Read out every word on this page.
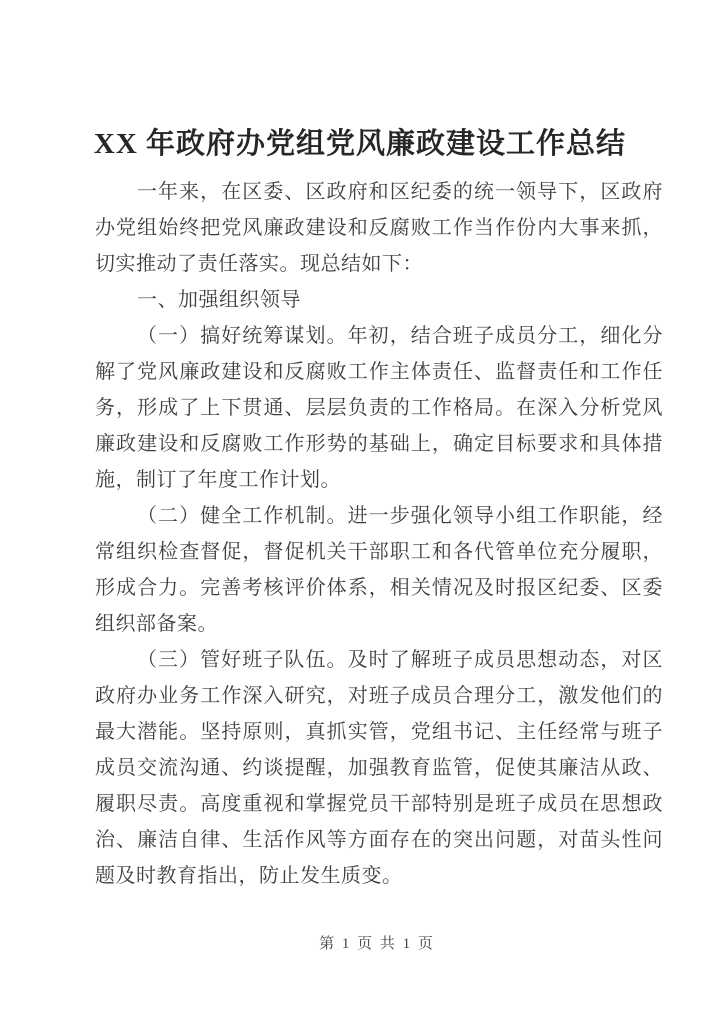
XX 年政府办党组党风廉政建设工作总结

一年来，在区委、区政府和区纪委的统一领导下，区政府办党组始终把党风廉政建设和反腐败工作当作份内大事来抓，切实推动了责任落实。现总结如下：

一、加强组织领导

（一）搞好统筹谋划。年初，结合班子成员分工，细化分解了党风廉政建设和反腐败工作主体责任、监督责任和工作任务，形成了上下贯通、层层负责的工作格局。在深入分析党风廉政建设和反腐败工作形势的基础上，确定目标要求和具体措施，制订了年度工作计划。

（二）健全工作机制。进一步强化领导小组工作职能，经常组织检查督促，督促机关干部职工和各代管单位充分履职，形成合力。完善考核评价体系，相关情况及时报区纪委、区委组织部备案。

（三）管好班子队伍。及时了解班子成员思想动态，对区政府办业务工作深入研究，对班子成员合理分工，激发他们的最大潜能。坚持原则，真抓实管，党组书记、主任经常与班子成员交流沟通、约谈提醒，加强教育监管，促使其廉洁从政、履职尽责。高度重视和掌握党员干部特别是班子成员在思想政治、廉洁自律、生活作风等方面存在的突出问题，对苗头性问题及时教育指出，防止发生质变。

第 1 页 共 1 页
